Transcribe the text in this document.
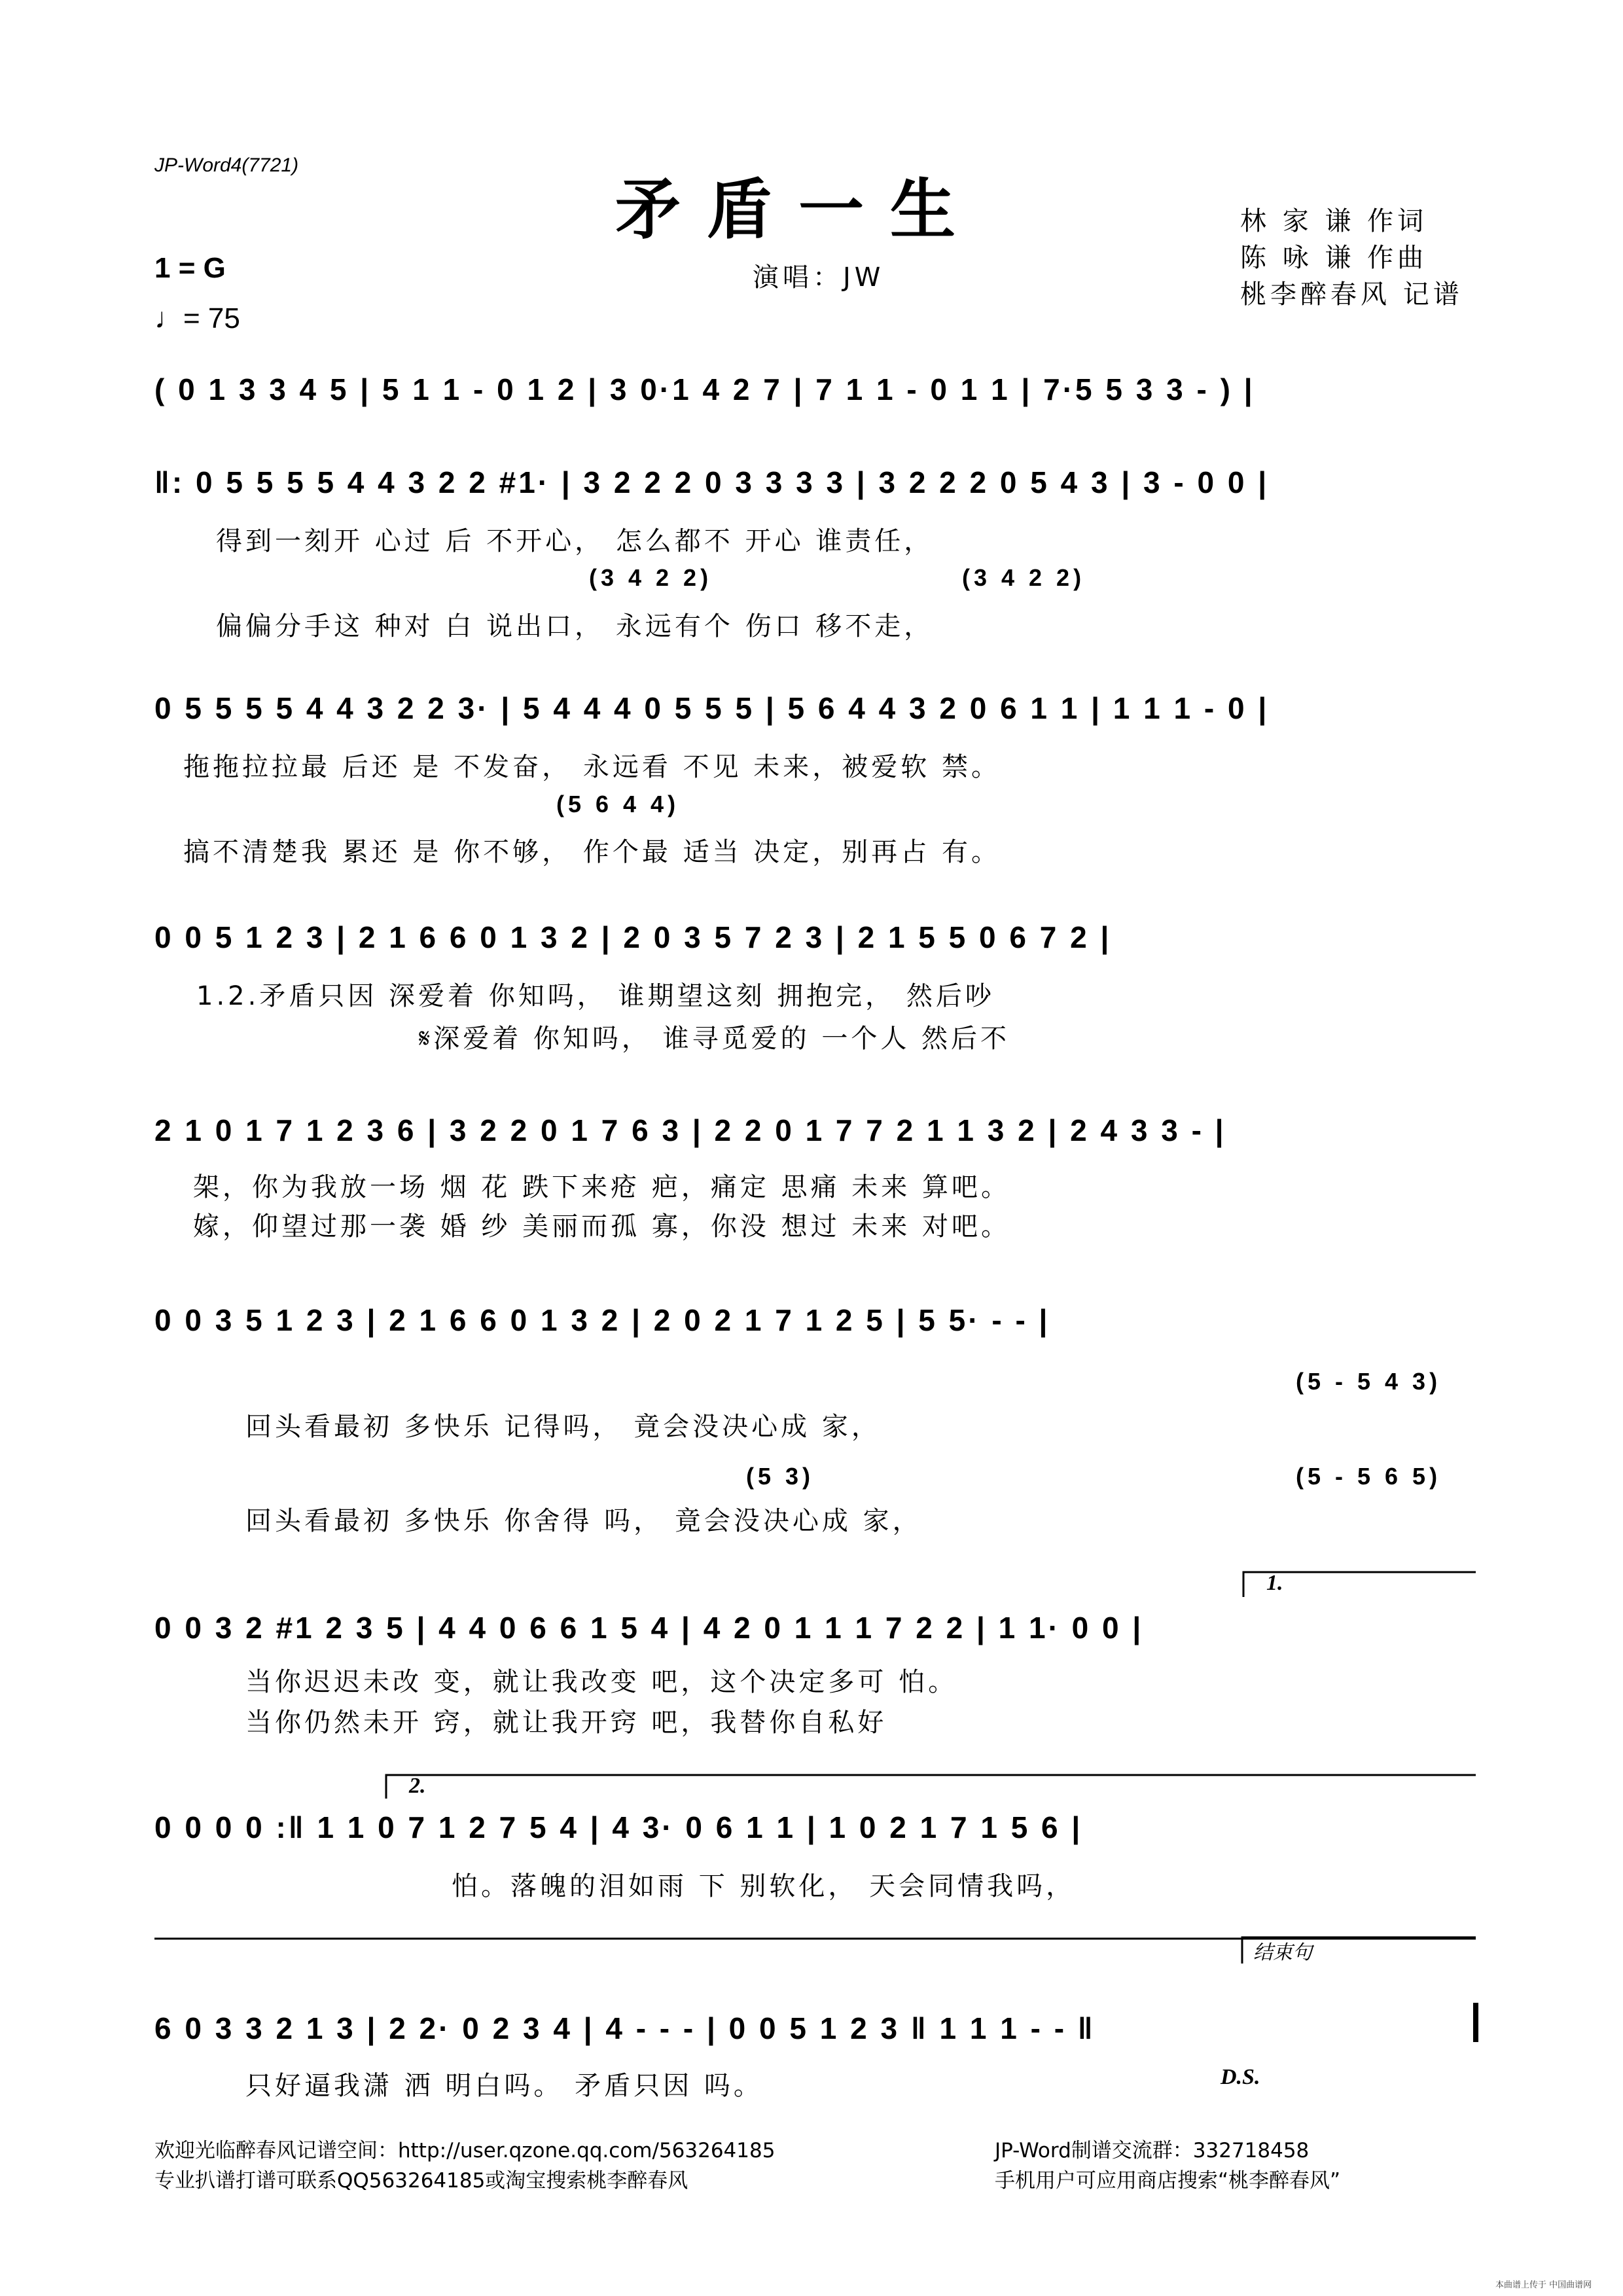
JP-Word4(7721)
矛盾一生	林 家 谦 作词
陈 咏 谦 作曲
桃李醉春风 记谱
1 = G
♩= 75
演唱：JW
( 0 1 3 3 4 5 | 5 1 1 - 0 1 2 | 3 0·1 4 2 7 | 7 1 1 - 0 1 1 | 7·5 5 3 3 - ) |
‖: 0 5 5 5 5 4 4 3 2 2 #1· | 3 2 2 2 0 3 3 3 3 | 3 2 2 2 0 5 4 3 | 3 - 0 0 |
得到一刻开 心过 后 不开心， 怎么都不 开心 谁责任，
(3 4 2 2)	(3 4 2 2)
偏偏分手这 种对 白 说出口， 永远有个 伤口 移不走，
0 5 5 5 5 4 4 3 2 2 3· | 5 4 4 4 0 5 5 5 | 5 6 4 4 3 2 0 6 1 1 | 1 1 1 - 0 |
拖拖拉拉最 后还 是 不发奋， 永远看 不见 未来，被爱软 禁。
(5 6 4 4)
搞不清楚我 累还 是 你不够， 作个最 适当 决定，别再占 有。
0 0 5 1 2 3 | 2 1 6 6 0 1 3 2 | 2 0 3 5 7 2 3 | 2 1 5 5 0 6 7 2 |
1.2.矛盾只因 深爱着 你知吗， 谁期望这刻 拥抱完， 然后吵
𝄋深爱着 你知吗， 谁寻觅爱的 一个人 然后不
2 1 0 1 7 1 2 3 6 | 3 2 2 0 1 7 6 3 | 2 2 0 1 7 7 2 1 1 3 2 | 2 4 3 3 - |
架，你为我放一场 烟 花 跌下来疮 疤，痛定 思痛 未来 算吧。
嫁，仰望过那一袭 婚 纱 美丽而孤 寡，你没 想过 未来 对吧。
0 0 3 5 1 2 3 | 2 1 6 6 0 1 3 2 | 2 0 2 1 7 1 2 5 | 5 5· - - |
(5 - 5 4 3)
回头看最初 多快乐 记得吗， 竟会没决心成 家，
(5 3)	(5 - 5 6 5)
回头看最初 多快乐 你舍得 吗， 竟会没决心成 家，
0 0 3 2 #1 2 3 5 | 4 4 0 6 6 1 5 4 | 4 2 0 1 1 1 7 2 2 | 1 1· 0 0 |
1.
当你迟迟未改 变，就让我改变 吧，这个决定多可 怕。
当你仍然未开 窍，就让我开窍 吧，我替你自私好
0 0 0 0 :‖ 1 1 0 7 1 2 7 5 4 | 4 3· 0 6 1 1 | 1 0 2 1 7 1 5 6 |
2.
怕。落魄的泪如雨 下 别软化， 天会同情我吗，
6 0 3 3 2 1 3 | 2 2· 0 2 3 4 | 4 - - - | 0 0 5 1 2 3 ‖ 1 1 1 - - ‖
结束句
只好逼我潇 洒 明白吗。 矛盾只因 吗。	D.S.
欢迎光临醉春风记谱空间：http://user.qzone.qq.com/563264185
专业扒谱打谱可联系QQ563264185或淘宝搜索桃李醉春风
JP-Word制谱交流群：332718458
手机用户可应用商店搜索“桃李醉春风”
本曲谱上传于 中国曲谱网
